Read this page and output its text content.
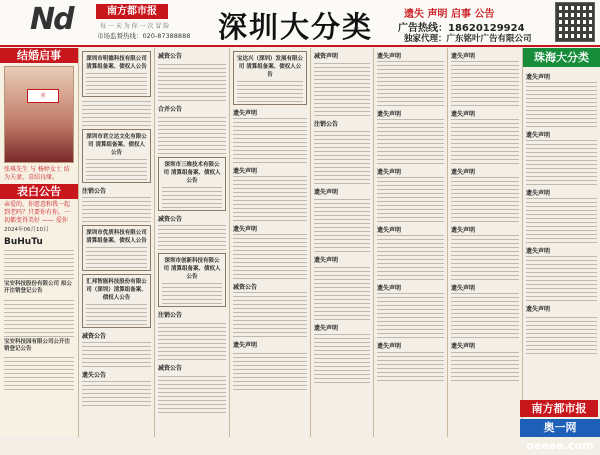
Nd	南方都市报
每 一 天 为 你 一 次 冒 险
市场监督热线：020-87388888 深圳大分类	遗失 声明 启事 公告
广告热线：18620129924
独家代理：广东铭叶广告有限公司
结婚启事
喜
张琪先生 与 杨婷女士 结为夫妻，喜结良缘。
表白公告
亲爱的，你愿意和我一起到老吗？只要你有你，一切都变得美好 —— 爱你
2024年06月10日
BuHuTu
宝安科技股份有限公司 拟公开注销登记公告
宝安科技园有限公司公开注销登记公告
深圳市明德科技有限公司 清算组备案、债权人公告
深圳市君立达文化有限公司 清算组备案、债权人公告
注销公告
深圳市优质科技有限公司 清算组备案、债权人公告
汇邦智能科技股份有限公司（深圳）清算组备案、债权人公告
减资公告
遗失公告
减资公告
合并公告
深圳市三维技术有限公司 清算组备案、债权人公告
减资公告
深圳市创新科技有限公司 清算组备案、债权人公告
注销公告
减资公告
宝达兴（深圳）发展有限公司 清算组备案、债权人公告
遗失声明
遗失声明
遗失声明
减资公告
遗失声明
减资声明
注销公告
遗失声明
遗失声明
遗失声明
遗失声明
遗失声明
遗失声明
遗失声明
遗失声明
遗失声明
遗失声明
遗失声明
遗失声明
遗失声明
遗失声明
遗失声明
珠海大分类
遗失声明
遗失声明
遗失声明
遗失声明
遗失声明
南方都市报
奥一网 oeeee.com
